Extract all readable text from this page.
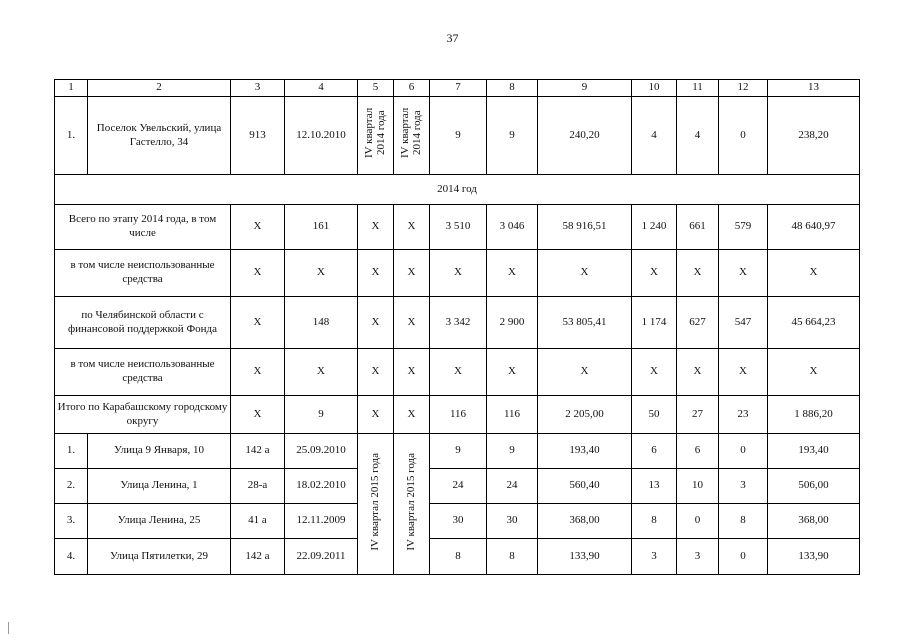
37
1	2	3	4	5	6	7	8	9	10	11	12	13
1.	Поселок Увельский, улица Гастелло, 34	913	12.10.2010	IV квартал 2014 года	IV квартал 2014 года	9	9	240,20	4	4	0	238,20
2014 год												
Всего по этапу 2014 года, в том числе		X	161	X	X	3 510	3 046	58 916,51	1 240	661	579	48 640,97
в том числе неиспользованные средства		X	X	X	X	X	X	X	X	X	X	X
по Челябинской области с финансовой поддержкой Фонда		X	148	X	X	3 342	2 900	53 805,41	1 174	627	547	45 664,23
в том числе неиспользованные средства		X	X	X	X	X	X	X	X	X	X	X
Итого по Карабашскому городскому округу		X	9	X	X	116	116	2 205,00	50	27	23	1 886,20
1.	Улица 9 Января, 10	142 а	25.09.2010	IV квартал 2015 года	IV квартал 2015 года	9	9	193,40	6	6	0	193,40
2.	Улица Ленина, 1	28-а	18.02.2010			24	24	560,40	13	10	3	506,00
3.	Улица Ленина, 25	41 а	12.11.2009			30	30	368,00	8	0	8	368,00
4.	Улица Пятилетки, 29	142 а	22.09.2011			8	8	133,90	3	3	0	133,90
